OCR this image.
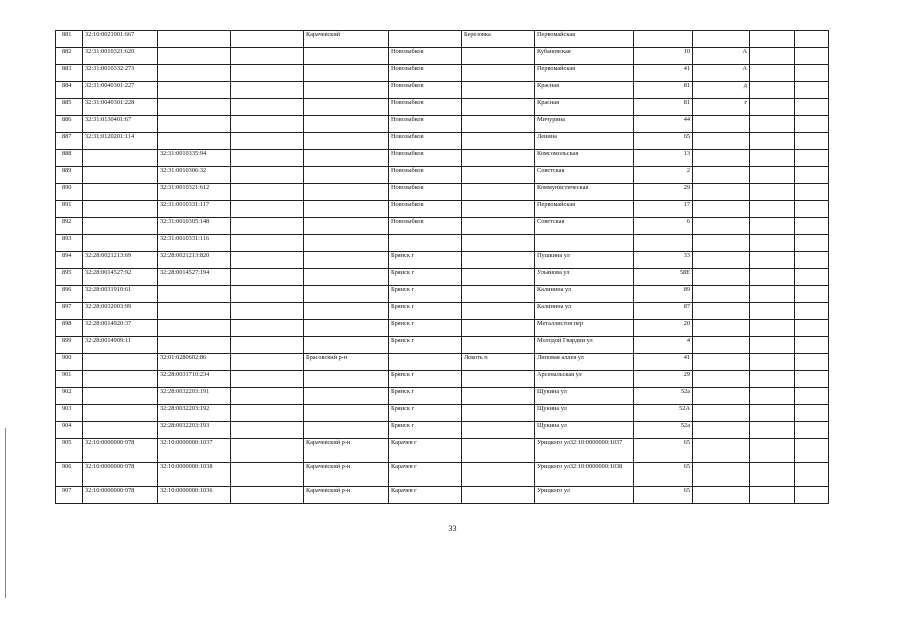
881	32:10:0021001:667			Карачевский		Березовка	Первомайская				
882	32:31:0010321:620				Новозыбков		Кубановская	10	А		
883	32:31:0010332:273				Новозыбков		Первомайская	41	А		
884	32:31:0040301:227				Новозыбков		Красная	81	д		
885	32:31:0040301:228				Новозыбков		Красная	81	г		
886	32:31:0130401:67				Новозыбков		Мичурина	44			
887	32:31:0120201:114				Новозыбков		Ленина	65			
888		32:31:0010335:94			Новозыбков		Комсомольская	13			
889		32:31:0010306:32			Новозыбков		Советская	2			
890		32:31:0010321:612			Новозыбков		Коммунистическая	29			
891		32:31:0010331:117			Новозыбков		Первомайская	17			
892		32:31:0010305:148			Новозыбков		Советская	6			
893		32:31:0010331:116									
894	32:28:0021213:69	32:28:0021213:820			Брянск г		Пушкина ул	33			
895	32:28:0014527:92	32:28:0014527:194			Брянск г		Ульянова ул	58Е			
896	32:28:0031910:61				Брянск г		Калинина ул	89			
897	32:28:0032003:99				Брянск г		Калинина ул	87			
898	32:28:0014920:37				Брянск г		Металлистов пер	20			
899	32:28:0014909:11				Брянск г		Молодой Гвардии ул	4			
900		32:01:0280602:86		Брасовский р-н		Локоть п	Липовая аллея ул	41			
901		32:28:0031710:234			Брянск г		Арсенальская ул	29			
902		32:28:0032203:191			Брянск г		Щукина ул	52а			
903		32:28:0032203:192			Брянск г		Щукина ул	52А			
904		32:28:0032203:193			Брянск г		Щукина ул	52а			
905	32:10:0000000:978	32:10:0000000:1037		Карачевский р-н	Карачев г		Урицкого ул32:10:0000000:1037	65			
906	32:10:0000000:978	32:10:0000000:1038		Карачевский р-н	Карачев г		Урицкого ул32:10:0000000:1038	65			
907	32:10:0000000:978	32:10:0000000:1036		Карачевский р-н	Карачев г		Урицкого ул	65			
33
